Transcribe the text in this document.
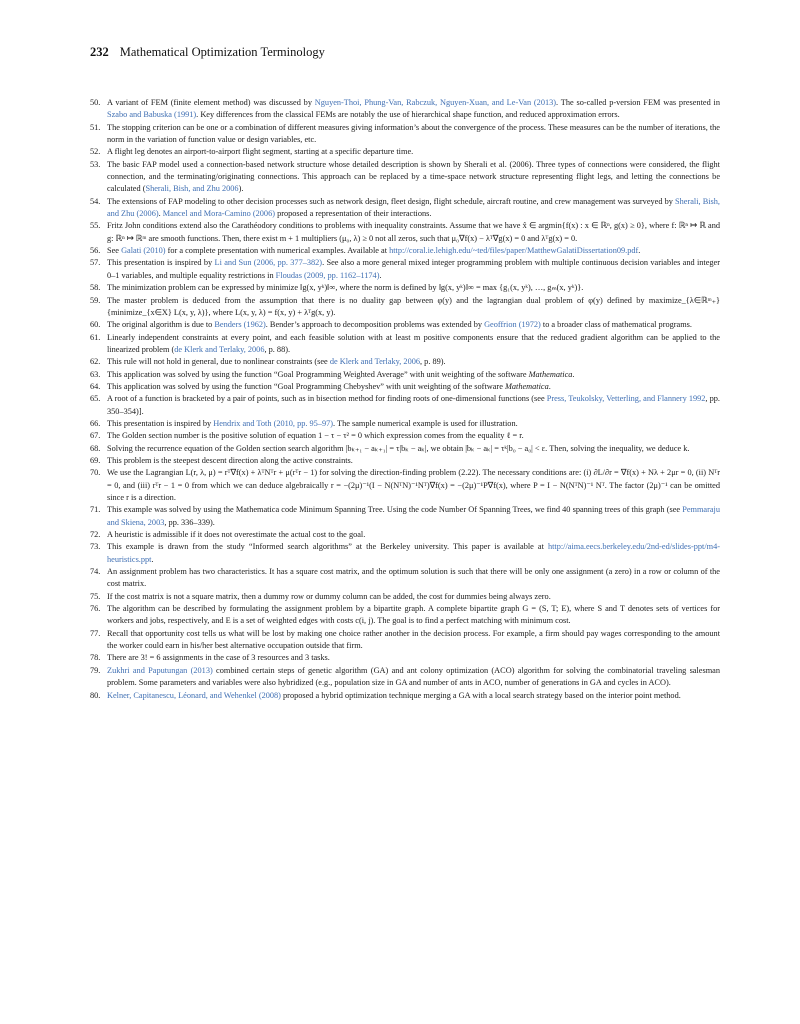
232 Mathematical Optimization Terminology
50. A variant of FEM (finite element method) was discussed by Nguyen-Thoi, Phung-Van, Rabczuk, Nguyen-Xuan, and Le-Van (2013). The so-called p-version FEM was presented in Szabo and Babuska (1991). Key differences from the classical FEMs are notably the use of hierarchical shape function, and reduced approximation errors.
51. The stopping criterion can be one or a combination of different measures giving information’s about the convergence of the process. These measures can be the number of iterations, the norm in the variation of function value or design variables, etc.
52. A flight leg denotes an airport-to-airport flight segment, starting at a specific departure time.
53. The basic FAP model used a connection-based network structure whose detailed description is shown by Sherali et al. (2006). Three types of connections were considered, the flight connection, and the terminating/originating connections. This approach can be replaced by a time-space network structure representing flight legs, and letting the connections be calculated (Sherali, Bish, and Zhu 2006).
54. The extensions of FAP modeling to other decision processes such as network design, fleet design, flight schedule, aircraft routine, and crew management was surveyed by Sherali, Bish, and Zhu (2006). Mancel and Mora-Camino (2006) proposed a representation of their interactions.
55. Fritz John conditions extend also the Carathéodory conditions to problems with inequality constraints. Assume that we have x̂ ∈ argmin{f(x) : x ∈ ℝⁿ, g(x) ≥ 0}, where f: ℝⁿ ↦ ℝ and g: ℝⁿ ↦ ℝᵐ are smooth functions. Then, there exist m + 1 multipliers (μ₀, λ) ≥ 0 not all zeros, such that μ₀∇f(x) − λᵀ∇g(x) = 0 and λᵀg(x) = 0.
56. See Galati (2010) for a complete presentation with numerical examples. Available at http://coral.ie.lehigh.edu/~ted/files/paper/MatthewGalatiDissertation09.pdf.
57. This presentation is inspired by Li and Sun (2006, pp. 377–382). See also a more general mixed integer programming problem with multiple continuous decision variables and integer 0–1 variables, and multiple equality restrictions in Floudas (2009, pp. 1162–1174).
58. The minimization problem can be expressed by minimize ‖g(x, yᵏ)‖∞, where the norm is defined by ‖g(x, yᵏ)‖∞ = max {g₁(x, yᵏ), …, gₘ(x, yᵏ)}.
59. The master problem is deduced from the assumption that there is no duality gap between φ(y) and the lagrangian dual problem of φ(y) defined by maximize_{λ∈ℝᵐ₊} {minimize_{x∈X} L(x, y, λ)}, where L(x, y, λ) = f(x, y) + λᵀg(x, y).
60. The original algorithm is due to Benders (1962). Bender’s approach to decomposition problems was extended by Geoffrion (1972) to a broader class of mathematical programs.
61. Linearly independent constraints at every point, and each feasible solution with at least m positive components ensure that the reduced gradient algorithm can be applied to the linearized problem (de Klerk and Terlaky, 2006, p. 88).
62. This rule will not hold in general, due to nonlinear constraints (see de Klerk and Terlaky, 2006, p. 89).
63. This application was solved by using the function “Goal Programming Weighted Average” with unit weighting of the software Mathematica.
64. This application was solved by using the function “Goal Programming Chebyshev” with unit weighting of the software Mathematica.
65. A root of a function is bracketed by a pair of points, such as in bisection method for finding roots of one-dimensional functions (see Press, Teukolsky, Vetterling, and Flannery 1992, pp. 350–354)].
66. This presentation is inspired by Hendrix and Toth (2010, pp. 95–97). The sample numerical example is used for illustration.
67. The Golden section number is the positive solution of equation 1 − τ − τ² = 0 which expression comes from the equality ℓ = r.
68. Solving the recurrence equation of the Golden section search algorithm |bₖ₊₁ − aₖ₊₁| = τ|bₖ − aₖ|, we obtain |bₖ − aₖ| = τᵏ|b₀ − a₀| < ε. Then, solving the inequality, we deduce k.
69. This problem is the steepest descent direction along the active constraints.
70. We use the Lagrangian L(r, λ, μ) = rᵀ∇f(x) + λᵀNᵀr + μ(rᵀr − 1) for solving the direction-finding problem (2.22). The necessary conditions are: (i) ∂L/∂r = ∇f(x) + Nλ + 2μr = 0, (ii) Nᵀr = 0, and (iii) rᵀr − 1 = 0 from which we can deduce algebraically r = −(2μ)⁻¹(I − N(NᵀN)⁻¹Nᵀ)∇f(x) = −(2μ)⁻¹P∇f(x), where P = I − N(NᵀN)⁻¹ Nᵀ. The factor (2μ)⁻¹ can be omitted since r is a direction.
71. This example was solved by using the Mathematica code Minimum Spanning Tree. Using the code Number Of Spanning Trees, we find 40 spanning trees of this graph (see Pemmaraju and Skiena, 2003, pp. 336–339).
72. A heuristic is admissible if it does not overestimate the actual cost to the goal.
73. This example is drawn from the study “Informed search algorithms” at the Berkeley university. This paper is available at http://aima.eecs.berkeley.edu/2nd-ed/slides-ppt/m4-heuristics.ppt.
74. An assignment problem has two characteristics. It has a square cost matrix, and the optimum solution is such that there will be only one assignment (a zero) in a row or column of the cost matrix.
75. If the cost matrix is not a square matrix, then a dummy row or dummy column can be added, the cost for dummies being always zero.
76. The algorithm can be described by formulating the assignment problem by a bipartite graph. A complete bipartite graph G = (S, T; E), where S and T denotes sets of vertices for workers and jobs, respectively, and E is a set of weighted edges with costs c(i, j). The goal is to find a perfect matching with minimum cost.
77. Recall that opportunity cost tells us what will be lost by making one choice rather another in the decision process. For example, a firm should pay wages corresponding to the amount the worker could earn in his/her best alternative occupation outside that firm.
78. There are 3! = 6 assignments in the case of 3 resources and 3 tasks.
79. Zukhri and Paputungan (2013) combined certain steps of genetic algorithm (GA) and ant colony optimization (ACO) algorithm for solving the combinatorial traveling salesman problem. Some parameters and variables were also hybridized (e.g., population size in GA and number of ants in ACO, number of generations in GA and cycles in ACO).
80. Kelner, Capitanescu, Léonard, and Wehenkel (2008) proposed a hybrid optimization technique merging a GA with a local search strategy based on the interior point method.
